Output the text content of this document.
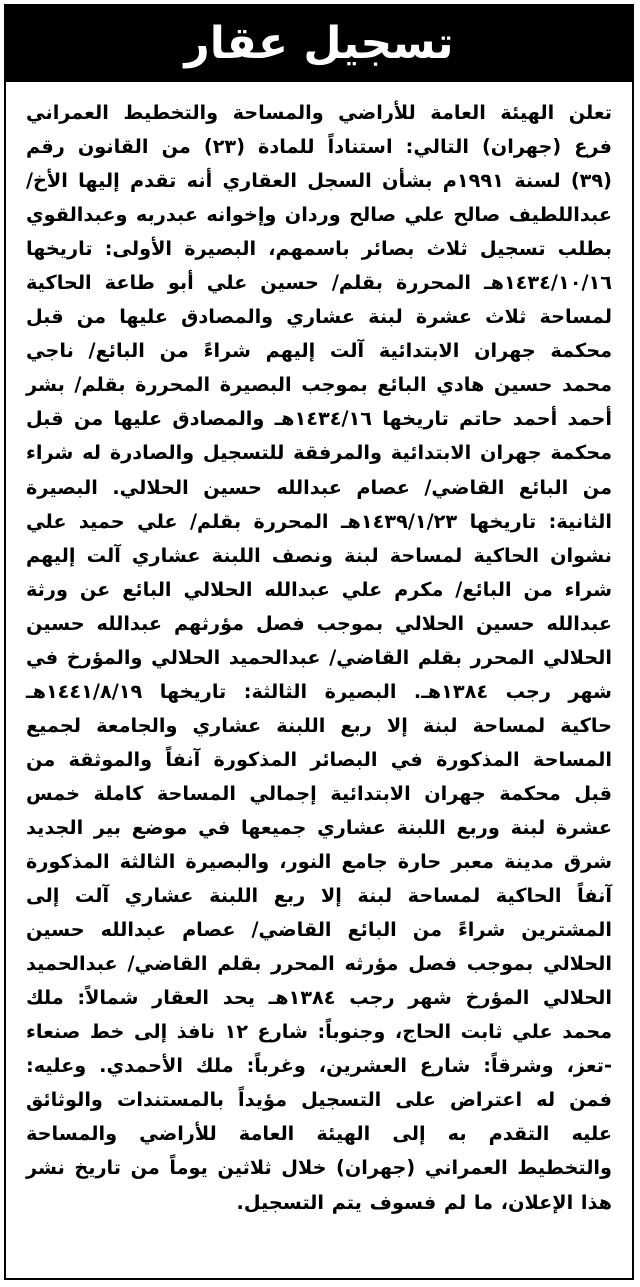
تسجيل عقار
تعلن الهيئة العامة للأراضي والمساحة والتخطيط العمراني فرع (جهران) التالي: استناداً للمادة (٢٣) من القانون رقم (٣٩) لسنة ١٩٩١م بشأن السجل العقاري أنه تقدم إليها الأخ/ عبداللطيف صالح علي صالح وردان وإخوانه عبدربه وعبدالقوي بطلب تسجيل ثلاث بصائر باسمهم، البصيرة الأولى: تاريخها ١٤٣٤/١٠/١٦هـ المحررة بقلم/ حسين علي أبو طاعة الحاكية لمساحة ثلاث عشرة لبنة عشاري والمصادق عليها من قبل محكمة جهران الابتدائية آلت إليهم شراءً من البائع/ ناجي محمد حسين هادي البائع بموجب البصيرة المحررة بقلم/ بشر أحمد أحمد حاتم تاريخها ١٤٣٤/١٦هـ والمصادق عليها من قبل محكمة جهران الابتدائية والمرفقة للتسجيل والصادرة له شراء من البائع القاضي/ عصام عبدالله حسين الحلالي. البصيرة الثانية: تاريخها ١٤٣٩/١/٢٣هـ المحررة بقلم/ علي حميد علي نشوان الحاكية لمساحة لبنة ونصف اللبنة عشاري آلت إليهم شراء من البائع/ مكرم علي عبدالله الحلالي البائع عن ورثة عبدالله حسين الحلالي بموجب فصل مؤرثهم عبدالله حسين الحلالي المحرر بقلم القاضي/ عبدالحميد الحلالي والمؤرخ في شهر رجب ١٣٨٤هـ. البصيرة الثالثة: تاريخها ١٤٤١/٨/١٩هـ حاكية لمساحة لبنة إلا ربع اللبنة عشاري والجامعة لجميع المساحة المذكورة في البصائر المذكورة آنفاً والموثقة من قبل محكمة جهران الابتدائية إجمالي المساحة كاملة خمس عشرة لبنة وربع اللبنة عشاري جميعها في موضع بير الجديد شرق مدينة معبر حارة جامع النور، والبصيرة الثالثة المذكورة آنفاً الحاكية لمساحة لبنة إلا ربع اللبنة عشاري آلت إلى المشترين شراءً من البائع القاضي/ عصام عبدالله حسين الحلالي بموجب فصل مؤرثه المحرر بقلم القاضي/ عبدالحميد الحلالي المؤرخ شهر رجب ١٣٨٤هـ يحد العقار شمالاً: ملك محمد علي ثابت الحاج، وجنوباً: شارع ١٢ نافذ إلى خط صنعاء -تعز، وشرقاً: شارع العشرين، وغرباً: ملك الأحمدي. وعليه: فمن له اعتراض على التسجيل مؤيداً بالمستندات والوثائق عليه التقدم به إلى الهيئة العامة للأراضي والمساحة والتخطيط العمراني (جهران) خلال ثلاثين يوماً من تاريخ نشر هذا الإعلان، ما لم فسوف يتم التسجيل.
